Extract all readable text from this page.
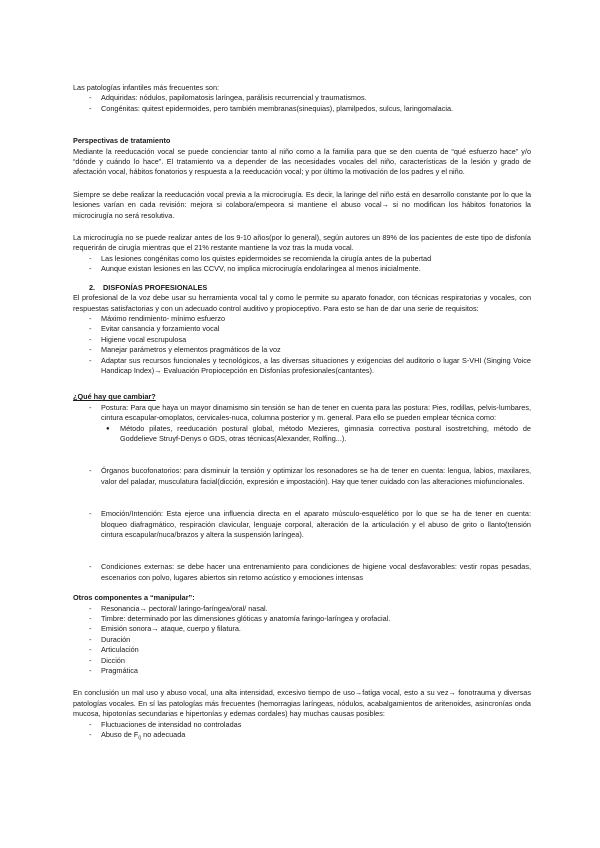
Las patologías infantiles más frecuentes son:

- Adquiridas: nódulos, papilomatosis laríngea, parálisis recurrencial y traumatismos.
- Congénitas: quitest epidermoides, pero también membranas(sinequias), plamilpedos, sulcus, laringomalacia.

Perspectivas de tratamiento

Mediante la reeducación vocal se puede concienciar tanto al niño como a la familia para que se den cuenta de “qué esfuerzo hace” y/o “dónde y cuándo lo hace”. El tratamiento va a depender de las necesidades vocales del niño, características de la lesión y grado de afectación vocal, hábitos fonatorios y respuesta a la reeducación vocal; y por último la motivación de los padres y el niño.

Siempre se debe realizar la reeducación vocal previa a la microcirugía. Es decir, la laringe del niño está en desarrollo constante por lo que la lesiones varían en cada revisión: mejora si colabora/empeora si mantiene el abuso vocal→ si no modifican los hábitos fonatorios la microcirugía no será resolutiva.

La microcirugía no se puede realizar antes de los 9-10 años(por lo general), según autores un 89% de los pacientes de este tipo de disfonía requerirán de cirugía mientras que el 21% restante mantiene la voz tras la muda vocal.

- Las lesiones congénitas como los quistes epidermoides se recomienda la cirugía antes de la pubertad
- Aunque existan lesiones en las CCVV, no implica microcirugía endolaríngea al menos inicialmente.

2. DISFONÍAS PROFESIONALES

El profesional de la voz debe usar su herramienta vocal tal y como le permite su aparato fonador, con técnicas respiratorias y vocales, con respuestas satisfactorias y con un adecuado control auditivo y propioceptivo. Para esto se han de dar una serie de requisitos:

- Máximo rendimiento- mínimo esfuerzo
- Evitar cansancia y forzamiento vocal
- Higiene vocal escrupulosa
- Manejar parámetros y elementos pragmáticos de la voz
- Adaptar sus recursos funcionales y tecnológicos, a las diversas situaciones y exigencias del auditorio o lugar S-VHI (Singing Voice Handicap Index)→ Evaluación Propiocepción en Disfonías profesionales(cantantes).

¿Qué hay que cambiar?

- Postura: Para que haya un mayor dinamismo sin tensión se han de tener en cuenta para las postura: Pies, rodillas, pelvis-lumbares, cintura escapular-omoplatos, cervicales-nuca, columna posterior y m. general. Para ello se pueden emplear técnica como:
● Método pilates, reeducación postural global, método Mezieres, gimnasia correctiva postural isostretching, método de Goddelieve Struyf-Denys o GDS, otras técnicas(Alexander, Rolfing...).
- Órganos bucofonatorios: para disminuir la tensión y optimizar los resonadores se ha de tener en cuenta: lengua, labios, maxilares, valor del paladar, musculatura facial(dicción, expresión e impostación). Hay que tener cuidado con las alteraciones miofuncionales.
- Emoción/Intención: Esta ejerce una influencia directa en el aparato músculo-esquelético por lo que se ha de tener en cuenta: bloqueo diafragmático, respiración clavicular, lenguaje corporal, alteración de la articulación y el abuso de grito o llanto(tensión cintura escapular/nuca/brazos y altera la suspensión laríngea).
- Condiciones externas: se debe hacer una entrenamiento para condiciones de higiene vocal desfavorables: vestir ropas pesadas, escenarios con polvo, lugares abiertos sin retorno acústico y emociones intensas

Otros componentes a “manipular”:

- Resonancia→ pectoral/ laringo-faríngea/oral/ nasal.
- Timbre: determinado por las dimensiones glóticas y anatomía faringo-laríngea y orofacial.
- Emisión sonora→ ataque, cuerpo y filatura.
- Duración
- Articulación
- Dicción
- Pragmática

En conclusión un mal uso y abuso vocal, una alta intensidad, excesivo tiempo de uso→fatiga vocal, esto a su vez→ fonotrauma y diversas patologías vocales. En sí las patologías más frecuentes (hemorragias laríngeas, nódulos, acabalgamientos de aritenoides, asincronías onda mucosa, hipotonías secundarias e hipertonías y edemas cordales) hay muchas causas posibles:

- Fluctuaciones de intensidad no controladas
- Abuso de $F_0$ no adecuada
